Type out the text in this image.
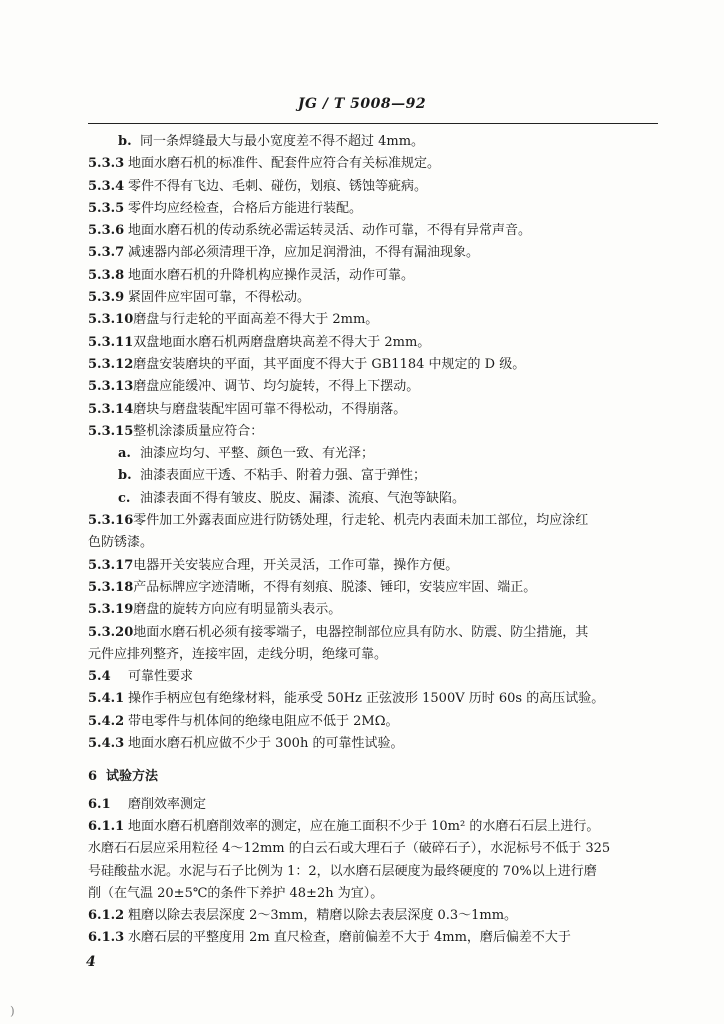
JG / T 5008—92
b. 同一条焊缝最大与最小宽度差不得不超过 4mm。
5.3.3 地面水磨石机的标准件、配套件应符合有关标准规定。
5.3.4 零件不得有飞边、毛刺、碰伤，划痕、锈蚀等疵病。
5.3.5 零件均应经检查，合格后方能进行装配。
5.3.6 地面水磨石机的传动系统必需运转灵活、动作可靠，不得有异常声音。
5.3.7 减速器内部必须清理干净，应加足润滑油，不得有漏油现象。
5.3.8 地面水磨石机的升降机构应操作灵活，动作可靠。
5.3.9 紧固件应牢固可靠，不得松动。
5.3.10磨盘与行走轮的平面高差不得大于 2mm。
5.3.11双盘地面水磨石机两磨盘磨块高差不得大于 2mm。
5.3.12磨盘安装磨块的平面，其平面度不得大于 GB1184 中规定的 D 级。
5.3.13磨盘应能缓冲、调节、均匀旋转，不得上下摆动。
5.3.14磨块与磨盘装配牢固可靠不得松动，不得崩落。
5.3.15整机涂漆质量应符合：
a. 油漆应均匀、平整、颜色一致、有光泽；
b. 油漆表面应干透、不粘手、附着力强、富于弹性；
c. 油漆表面不得有皱皮、脱皮、漏漆、流痕、气泡等缺陷。
5.3.16零件加工外露表面应进行防锈处理，行走轮、机壳内表面未加工部位，均应涂红
色防锈漆。
5.3.17电器开关安装应合理，开关灵活，工作可靠，操作方便。
5.3.18产品标牌应字迹清晰，不得有刻痕、脱漆、锤印，安装应牢固、端正。
5.3.19磨盘的旋转方向应有明显箭头表示。
5.3.20地面水磨石机必须有接零端子，电器控制部位应具有防水、防震、防尘措施，其
元件应排列整齐，连接牢固，走线分明，绝缘可靠。
5.4 可靠性要求
5.4.1 操作手柄应包有绝缘材料，能承受 50Hz 正弦波形 1500V 历时 60s 的高压试验。
5.4.2 带电零件与机体间的绝缘电阻应不低于 2MΩ。
5.4.3 地面水磨石机应做不少于 300h 的可靠性试验。
6 试验方法
6.1 磨削效率测定
6.1.1 地面水磨石机磨削效率的测定，应在施工面积不少于 10m² 的水磨石石层上进行。
水磨石石层应采用粒径 4～12mm 的白云石或大理石子（破碎石子），水泥标号不低于 325
号硅酸盐水泥。水泥与石子比例为 1：2，以水磨石层硬度为最终硬度的 70%以上进行磨
削（在气温 20±5℃的条件下养护 48±2h 为宜）。
6.1.2 粗磨以除去表层深度 2～3mm，精磨以除去表层深度 0.3～1mm。
6.1.3 水磨石层的平整度用 2m 直尺检查，磨前偏差不大于 4mm，磨后偏差不大于
4
)
